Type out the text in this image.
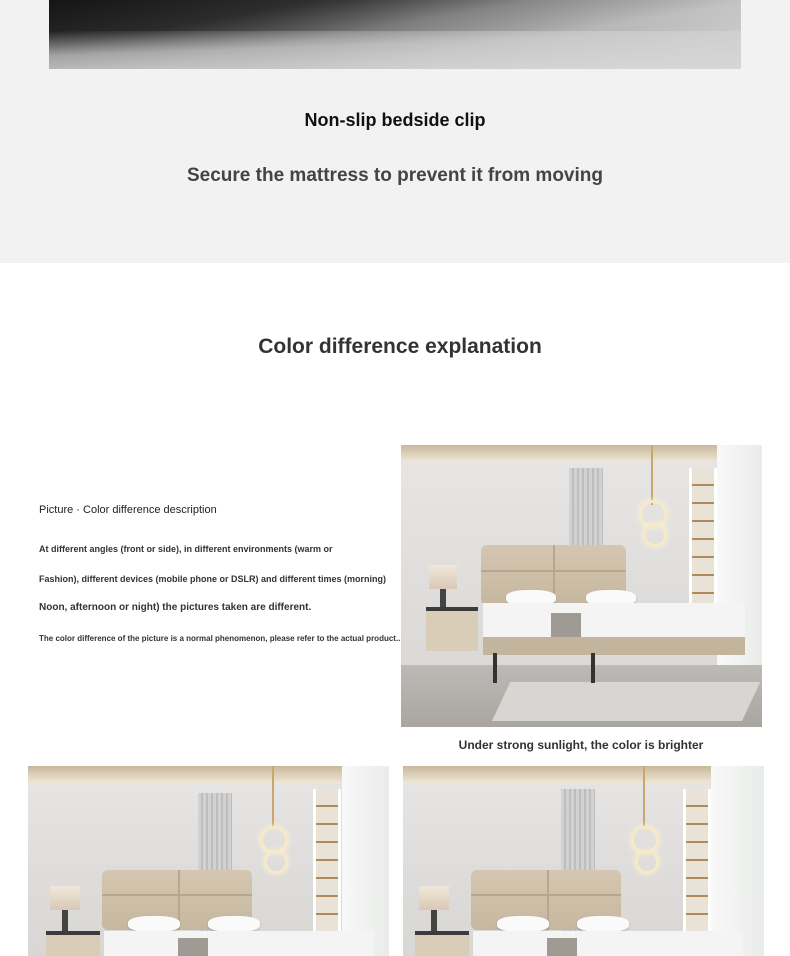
Non-slip bedside clip
Secure the mattress to prevent it from moving
Color difference explanation
Picture · Color difference description
At different angles (front or side), in different environments (warm or
Fashion), different devices (mobile phone or DSLR) and different times (morning)
Noon, afternoon or night) the pictures taken are different.
The color difference of the picture is a normal phenomenon, please refer to the actual product..
Under strong sunlight, the color is brighter
